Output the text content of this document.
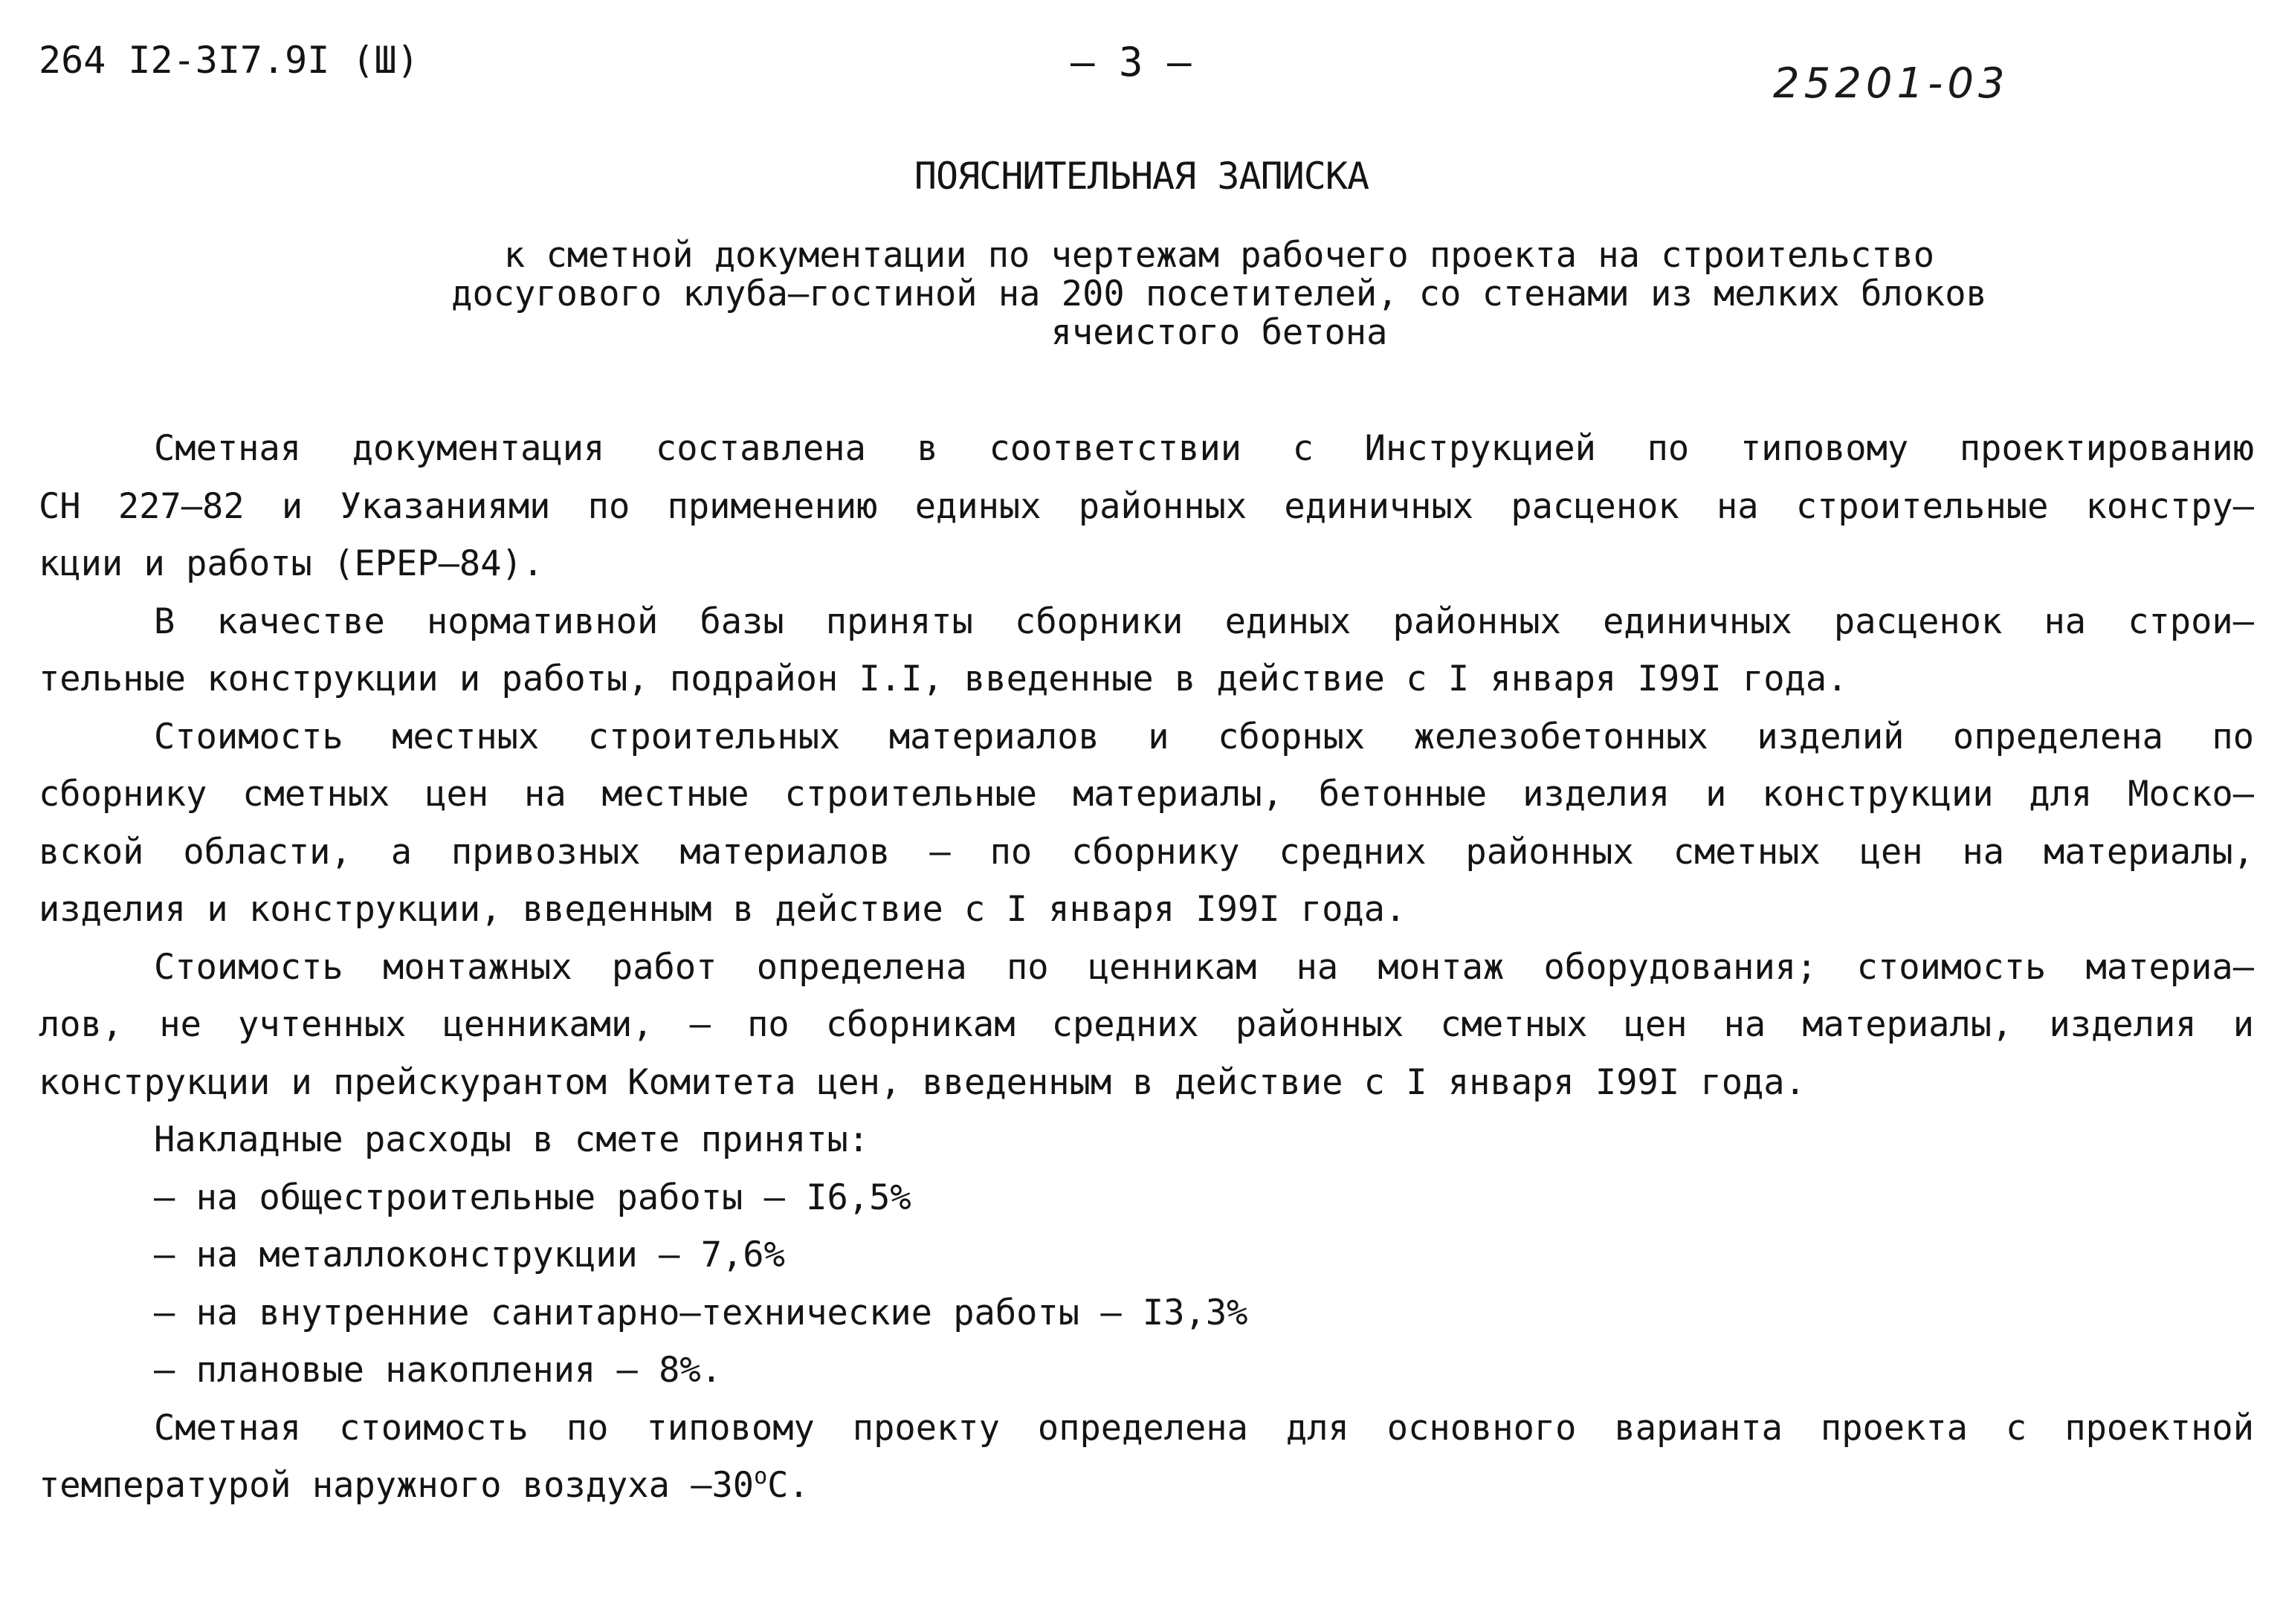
264 I2-3I7.9I (Ш)	– 3 –	25201-03
ПОЯСНИТЕЛЬНАЯ ЗАПИСКА
к сметной документации по чертежам рабочего проекта на строительство
досугового клуба–гостиной на 200 посетителей, со стенами из мелких блоков
ячеистого бетона
Сметная документация составлена в соответствии с Инструкцией по типовому проектированию
СН 227–82 и Указаниями по применению единых районных единичных расценок на строительные констру–
кции и работы (ЕРЕР–84).
В качестве нормативной базы приняты сборники единых районных единичных расценок на строи–
тельные конструкции и работы, подрайон I.I, введенные в действие с I января I99I года.
Стоимость местных строительных материалов и сборных железобетонных изделий определена по
сборнику сметных цен на местные строительные материалы, бетонные изделия и конструкции для Моско–
вской области, а привозных материалов – по сборнику средних районных сметных цен на материалы,
изделия и конструкции, введенным в действие с I января I99I года.
Стоимость монтажных работ определена по ценникам на монтаж оборудования; стоимость материа–
лов, не учтенных ценниками, – по сборникам средних районных сметных цен на материалы, изделия и
конструкции и прейскурантом Комитета цен, введенным в действие с I января I99I года.
Накладные расходы в смете приняты:
– на общестроительные работы – I6,5%
– на металлоконструкции – 7,6%
– на внутренние санитарно–технические работы – I3,3%
– плановые накопления – 8%.
Сметная стоимость по типовому проекту определена для основного варианта проекта с проектной
температурой наружного воздуха $-30^оС$.
